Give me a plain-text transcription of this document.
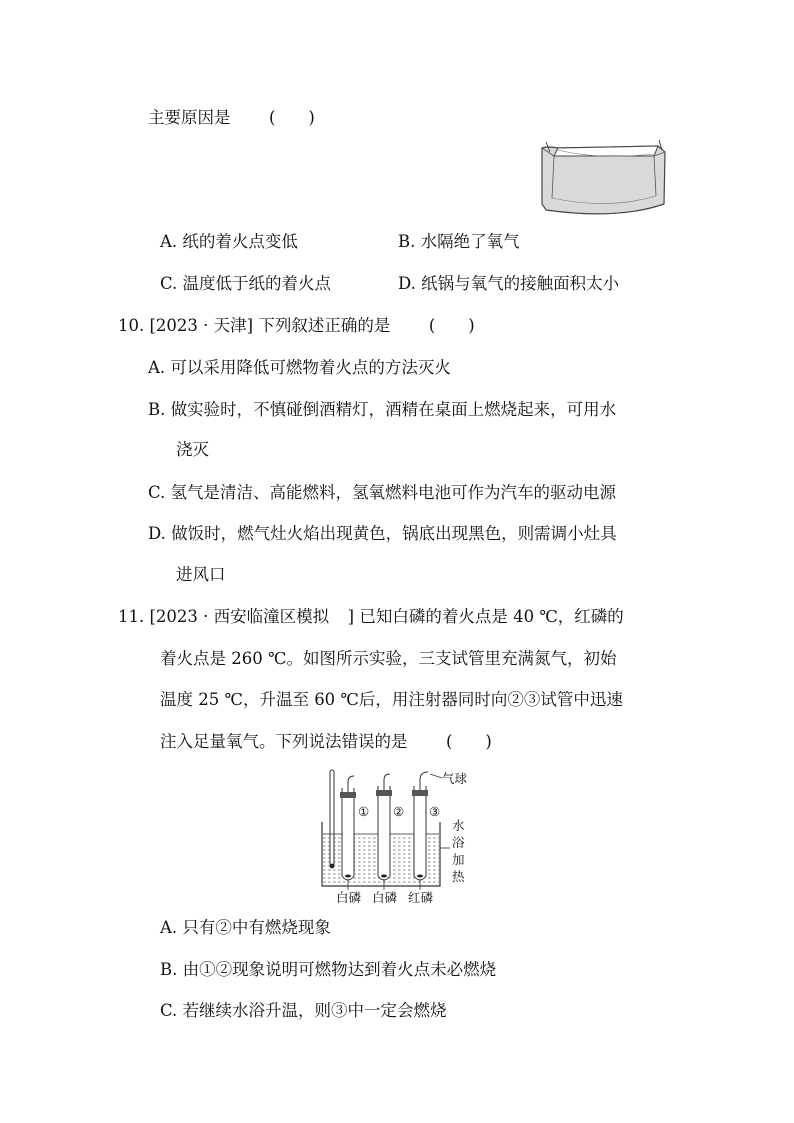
主要原因是 (　　)
A. 纸的着火点变低	B. 水隔绝了氧气
C. 温度低于纸的着火点	D. 纸锅与氧气的接触面积太小
10. [2023 · 天津] 下列叙述正确的是 (　　)
A. 可以采用降低可燃物着火点的方法灭火
B. 做实验时，不慎碰倒酒精灯，酒精在桌面上燃烧起来，可用水
浇灭
C. 氢气是清洁、高能燃料，氢氧燃料电池可作为汽车的驱动电源
D. 做饭时，燃气灶火焰出现黄色，锅底出现黑色，则需调小灶具
进风口
11. [2023 · 西安临潼区模拟 ] 已知白磷的着火点是 40 ℃，红磷的
着火点是 260 ℃。如图所示实验，三支试管里充满氮气，初始
温度 25 ℃，升温至 60 ℃后，用注射器同时向②③试管中迅速
注入足量氧气。下列说法错误的是 (　　)
① ② ③
气球
水
浴
加
热
白磷 白磷 红磷
A. 只有②中有燃烧现象
B. 由①②现象说明可燃物达到着火点未必燃烧
C. 若继续水浴升温，则③中一定会燃烧
